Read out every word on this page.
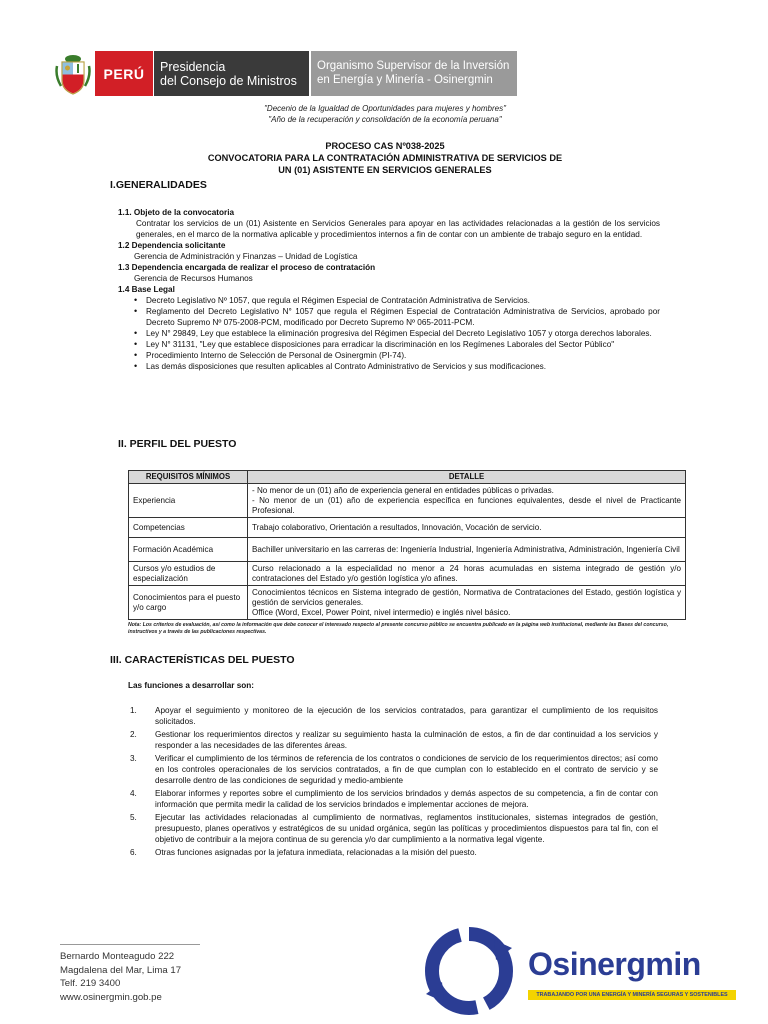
PERÚ	Presidencia
del Consejo de Ministros
Organismo Supervisor de la Inversión
en Energía y Minería - Osinergmin
"Decenio de la Igualdad de Oportunidades para mujeres y hombres"
"Año de la recuperación y consolidación de la economía peruana"
PROCESO CAS Nº038-2025
CONVOCATORIA PARA LA CONTRATACIÓN ADMINISTRATIVA DE SERVICIOS DE
UN (01) ASISTENTE EN SERVICIOS GENERALES
I.GENERALIDADES
1.1. Objeto de la convocatoria
Contratar los servicios de un (01) Asistente en Servicios Generales para apoyar en las actividades relacionadas a la gestión de los servicios generales, en el marco de la normativa aplicable y procedimientos internos a fin de contar con un ambiente de trabajo seguro en la entidad.
1.2 Dependencia solicitante
Gerencia de Administración y Finanzas – Unidad de Logística
1.3 Dependencia encargada de realizar el proceso de contratación
Gerencia de Recursos Humanos
1.4 Base Legal
• Decreto Legislativo Nº 1057, que regula el Régimen Especial de Contratación Administrativa de Servicios.
• Reglamento del Decreto Legislativo N° 1057 que regula el Régimen Especial de Contratación Administrativa de Servicios, aprobado por Decreto Supremo Nº 075-2008-PCM, modificado por Decreto Supremo Nº 065-2011-PCM.
• Ley N° 29849, Ley que establece la eliminación progresiva del Régimen Especial del Decreto Legislativo 1057 y otorga derechos laborales.
• Ley N° 31131, "Ley que establece disposiciones para erradicar la discriminación en los Regímenes Laborales del Sector Público"
• Procedimiento Interno de Selección de Personal de Osinergmin (PI-74).
• Las demás disposiciones que resulten aplicables al Contrato Administrativo de Servicios y sus modificaciones.
II. PERFIL DEL PUESTO
REQUISITOS MÍNIMOS	DETALLE
Experiencia	- No menor de un (01) año de experiencia general en entidades públicas o privadas.
- No menor de un (01) año de experiencia específica en funciones equivalentes, desde el nivel de Practicante Profesional.

Competencias	Trabajo colaborativo, Orientación a resultados, Innovación, Vocación de servicio.
Formación Académica	Bachiller universitario en las carreras de: Ingeniería Industrial, Ingeniería Administrativa, Administración, Ingeniería Civil
Cursos y/o estudios de especialización	Curso relacionado a la especialidad no menor a 24 horas acumuladas en sistema integrado de gestión y/o contrataciones del Estado y/o gestión logística y/o afines.
Conocimientos para el puesto y/o cargo	Conocimientos técnicos en Sistema integrado de gestión, Normativa de Contrataciones del Estado, gestión logística y gestión de servicios generales.
Office (Word, Excel, Power Point, nivel intermedio) e inglés nivel básico.
Nota: Los criterios de evaluación, así como la información que debe conocer el interesado respecto al presente concurso público se encuentra publicado en la página web institucional, mediante las Bases del concurso, instructivos y a través de las publicaciones respectivas.
III. CARACTERÍSTICAS DEL PUESTO
Las funciones a desarrollar son:
1. Apoyar el seguimiento y monitoreo de la ejecución de los servicios contratados, para garantizar el cumplimiento de los requisitos solicitados.
2. Gestionar los requerimientos directos y realizar su seguimiento hasta la culminación de estos, a fin de dar continuidad a los servicios y responder a las necesidades de las diferentes áreas.
3. Verificar el cumplimiento de los términos de referencia de los contratos o condiciones de servicio de los requerimientos directos; así como en los controles operacionales de los servicios contratados, a fin de que cumplan con lo establecido en el contrato de servicio y se desarrolle dentro de las condiciones de seguridad y medio-ambiente
4. Elaborar informes y reportes sobre el cumplimiento de los servicios brindados y demás aspectos de su competencia, a fin de contar con información que permita medir la calidad de los servicios brindados e implementar acciones de mejora.
5. Ejecutar las actividades relacionadas al cumplimiento de normativas, reglamentos institucionales, sistemas integrados de gestión, presupuesto, planes operativos y estratégicos de su unidad orgánica, según las políticas y procedimientos dispuestos para tal fin, con el objetivo de contribuir a la mejora continua de su gerencia y/o dar cumplimiento a la normativa legal vigente.
6. Otras funciones asignadas por la jefatura inmediata, relacionadas a la misión del puesto.
Bernardo Monteagudo 222
Magdalena del Mar, Lima 17
Telf. 219 3400
www.osinergmin.gob.pe
Osinergmin
TRABAJANDO POR UNA ENERGÍA Y MINERÍA SEGURAS Y SOSTENIBLES
